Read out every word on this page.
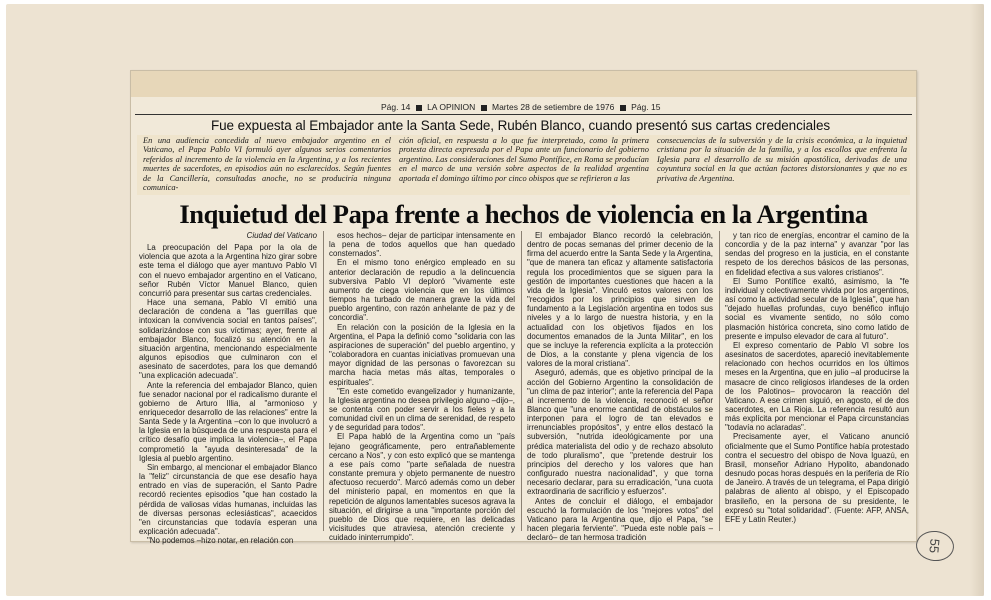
Pág. 14 LA OPINION Martes 28 de setiembre de 1976 Pág. 15
Fue expuesta al Embajador ante la Santa Sede, Rubén Blanco, cuando presentó sus cartas credenciales
En una audiencia concedida al nuevo embajador argentino en el Vaticano, el Papa Pablo VI formuló ayer algunos serios comentarios referidos al incremento de la violencia en la Argentina, y a los recientes muertes de sacerdotes, en episodios aún no esclarecidos. Según fuentes de la Cancillería, consultadas anoche, no se produciría ninguna comunica-
ción oficial, en respuesta a lo que fue interpretado, como la primera protesta directa expresada por el Papa ante un funcionario del gobierno argentino. Las consideraciones del Sumo Pontífice, en Roma se producían en el marco de una versión sobre aspectos de la realidad argentina aportada el domingo último por cinco obispos que se refirieron a las
consecuencias de la subversión y de la crisis económica, a la inquietud cristiana por la situación de la familia, y a los escollos que enfrenta la Iglesia para el desarrollo de su misión apostólica, derivadas de una coyuntura social en la que actúan factores distorsionantes y que no es privativa de Argentina.
Inquietud del Papa frente a hechos de violencia en la Argentina
Ciudad del Vaticano

La preocupación del Papa por la ola de violencia que azota a la Argentina hizo girar sobre este tema el diálogo que ayer mantuvo Pablo VI con el nuevo embajador argentino en el Vaticano, señor Rubén Víctor Manuel Blanco, quien concurrió para presentar sus cartas credenciales.

Hace una semana, Pablo VI emitió una declaración de condena a "las guerrillas que intoxican la convivencia social en tantos países", solidarizándose con sus víctimas; ayer, frente al embajador Blanco, focalizó su atención en la situación argentina, mencionando especialmente algunos episodios que culminaron con el asesinato de sacerdotes, para los que demandó "una explicación adecuada".

Ante la referencia del embajador Blanco, quien fue senador nacional por el radicalismo durante el gobierno de Arturo Illia, al "armonioso y enriquecedor desarrollo de las relaciones" entre la Santa Sede y la Argentina –con lo que involucró a la Iglesia en la búsqueda de una respuesta para el crítico desafío que implica la violencia–, el Papa comprometió la "ayuda desinteresada" de la Iglesia al pueblo argentino.

Sin embargo, al mencionar el embajador Blanco la "feliz" circunstancia de que ese desafío haya entrado en vías de superación, el Santo Padre recordó recientes episodios "que han costado la pérdida de valiosas vidas humanas, incluidas las de diversas personas eclesiásticas", acaecidos "en circunstancias que todavía esperan una explicación adecuada".

"No podemos –hizo notar, en relación con

esos hechos– dejar de participar intensamente en la pena de todos aquellos que han quedado consternados".

En el mismo tono enérgico empleado en su anterior declaración de repudio a la delincuencia subversiva Pablo VI deploró "vivamente este aumento de ciega violencia que en los últimos tiempos ha turbado de manera grave la vida del pueblo argentino, con razón anhelante de paz y de concordia".

En relación con la posición de la Iglesia en la Argentina, el Papa la definió como "solidaria con las aspiraciones de superación" del pueblo argentino, y "colaboradora en cuantas iniciativas promuevan una mayor dignidad de las personas o favorezcan su marcha hacia metas más altas, temporales o espirituales".

"En este cometido evangelizador y humanizante, la Iglesia argentina no desea privilegio alguno –dijo–, se contenta con poder servir a los fieles y a la comunidad civil en un clima de serenidad, de respeto y de seguridad para todos".

El Papa habló de la Argentina como un "país lejano geográficamente, pero entrañablemente cercano a Nos", y con esto explicó que se mantenga a ese país como "parte señalada de nuestra constante premura y objeto permanente de nuestro afectuoso recuerdo". Marcó además como un deber del ministerio papal, en momentos en que la repetición de algunos lamentables sucesos agrava la situación, el dirigirse a una "importante porción del pueblo de Dios que requiere, en las delicadas vicisitudes que atraviesa, atención creciente y cuidado ininterrumpido".

El embajador Blanco recordó la celebración, dentro de pocas semanas del primer decenio de la firma del acuerdo entre la Santa Sede y la Argentina, "que de manera tan eficaz y altamente satisfactoria regula los procedimientos que se siguen para la gestión de importantes cuestiones que hacen a la vida de la Iglesia". Vinculó estos valores con los "recogidos por los principios que sirven de fundamento a la Legislación argentina en todos sus niveles y a lo largo de nuestra historia, y en la actualidad con los objetivos fijados en los documentos emanados de la Junta Militar", en los que se incluye la referencia explícita a la protección de Dios, a la constante y plena vigencia de los valores de la moral cristiana".

Aseguró, además, que es objetivo principal de la acción del Gobierno Argentino la consolidación de "un clima de paz interior"; ante la referencia del Papa al incremento de la violencia, reconoció el señor Blanco que "una enorme cantidad de obstáculos se interponen para el logro de tan elevados e irrenunciables propósitos", y entre ellos destacó la subversión, "nutrida ideológicamente por una prédica materialista del odio y de rechazo absoluto de todo pluralismo", que "pretende destruir los principios del derecho y los valores que han configurado nuestra nacionalidad", y que torna necesario declarar, para su erradicación, "una cuota extraordinaria de sacrificio y esfuerzos".

Antes de concluir el diálogo, el embajador escuchó la formulación de los "mejores votos" del Vaticano para la Argentina que, dijo el Papa, "se hacen plegaria ferviente". "Pueda este noble país –declaró– de tan hermosa tradición

y tan rico de energías, encontrar el camino de la concordia y de la paz interna" y avanzar "por las sendas del progreso en la justicia, en el constante respeto de los derechos básicos de las personas, en fidelidad efectiva a sus valores cristianos".

El Sumo Pontífice exaltó, asimismo, la "fe individual y colectivamente vivida por los argentinos, así como la actividad secular de la Iglesia", que han "dejado huellas profundas, cuyo benéfico influjo social es vivamente sentido, no sólo como plasmación histórica concreta, sino como latido de presente e impulso elevador de cara al futuro".

El expreso comentario de Pablo VI sobre los asesinatos de sacerdotes, apareció inevitablemente relacionado con hechos ocurridos en los últimos meses en la Argentina, que en julio –al producirse la masacre de cinco religiosos irlandeses de la orden de los Palotinos– provocaron la reacción del Vaticano. A ese crimen siguió, en agosto, el de dos sacerdotes, en La Rioja. La referencia resultó aun más explícita por mencionar el Papa circunstancias "todavía no aclaradas".

Precisamente ayer, el Vaticano anunció oficialmente que el Sumo Pontífice había protestado contra el secuestro del obispo de Nova Iguazú, en Brasil, monseñor Adriano Hypolito, abandonado desnudo pocas horas después en la periferia de Río de Janeiro. A través de un telegrama, el Papa dirigió palabras de aliento al obispo, y el Episcopado brasileño, en la persona de su presidente, le expresó su "total solidaridad". (Fuente: AFP, ANSA, EFE y Latin Reuter.)

55
